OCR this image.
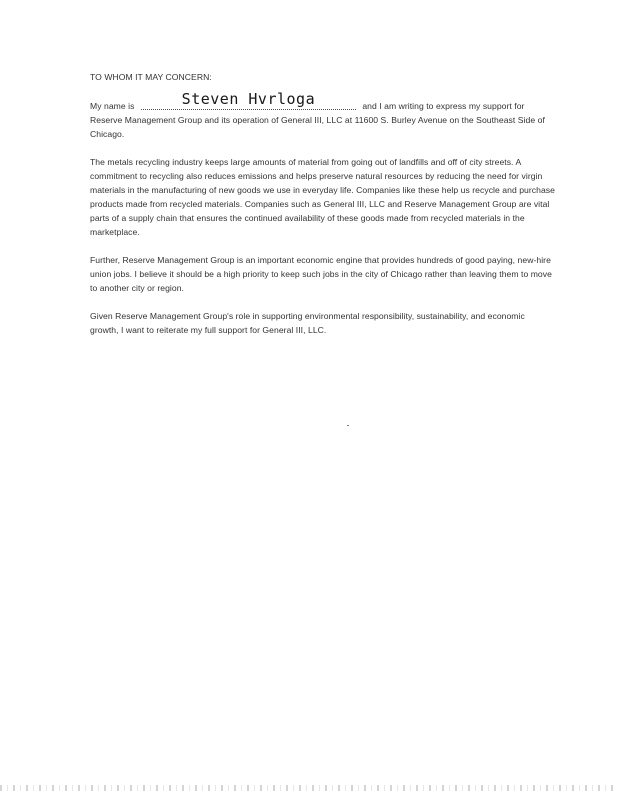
TO WHOM IT MAY CONCERN:

My name is	Steven Hvrloga	and I am writing to express my support for Reserve Management Group and its operation of General III, LLC at 11600 S. Burley Avenue on the Southeast Side of Chicago.

The metals recycling industry keeps large amounts of material from going out of landfills and off of city streets. A commitment to recycling also reduces emissions and helps preserve natural resources by reducing the need for virgin materials in the manufacturing of new goods we use in everyday life. Companies like these help us recycle and purchase products made from recycled materials. Companies such as General III, LLC and Reserve Management Group are vital parts of a supply chain that ensures the continued availability of these goods made from recycled materials in the marketplace.

Further, Reserve Management Group is an important economic engine that provides hundreds of good paying, new-hire union jobs. I believe it should be a high priority to keep such jobs in the city of Chicago rather than leaving them to move to another city or region.

Given Reserve Management Group's role in supporting environmental responsibility, sustainability, and economic growth, I want to reiterate my full support for General III, LLC.
